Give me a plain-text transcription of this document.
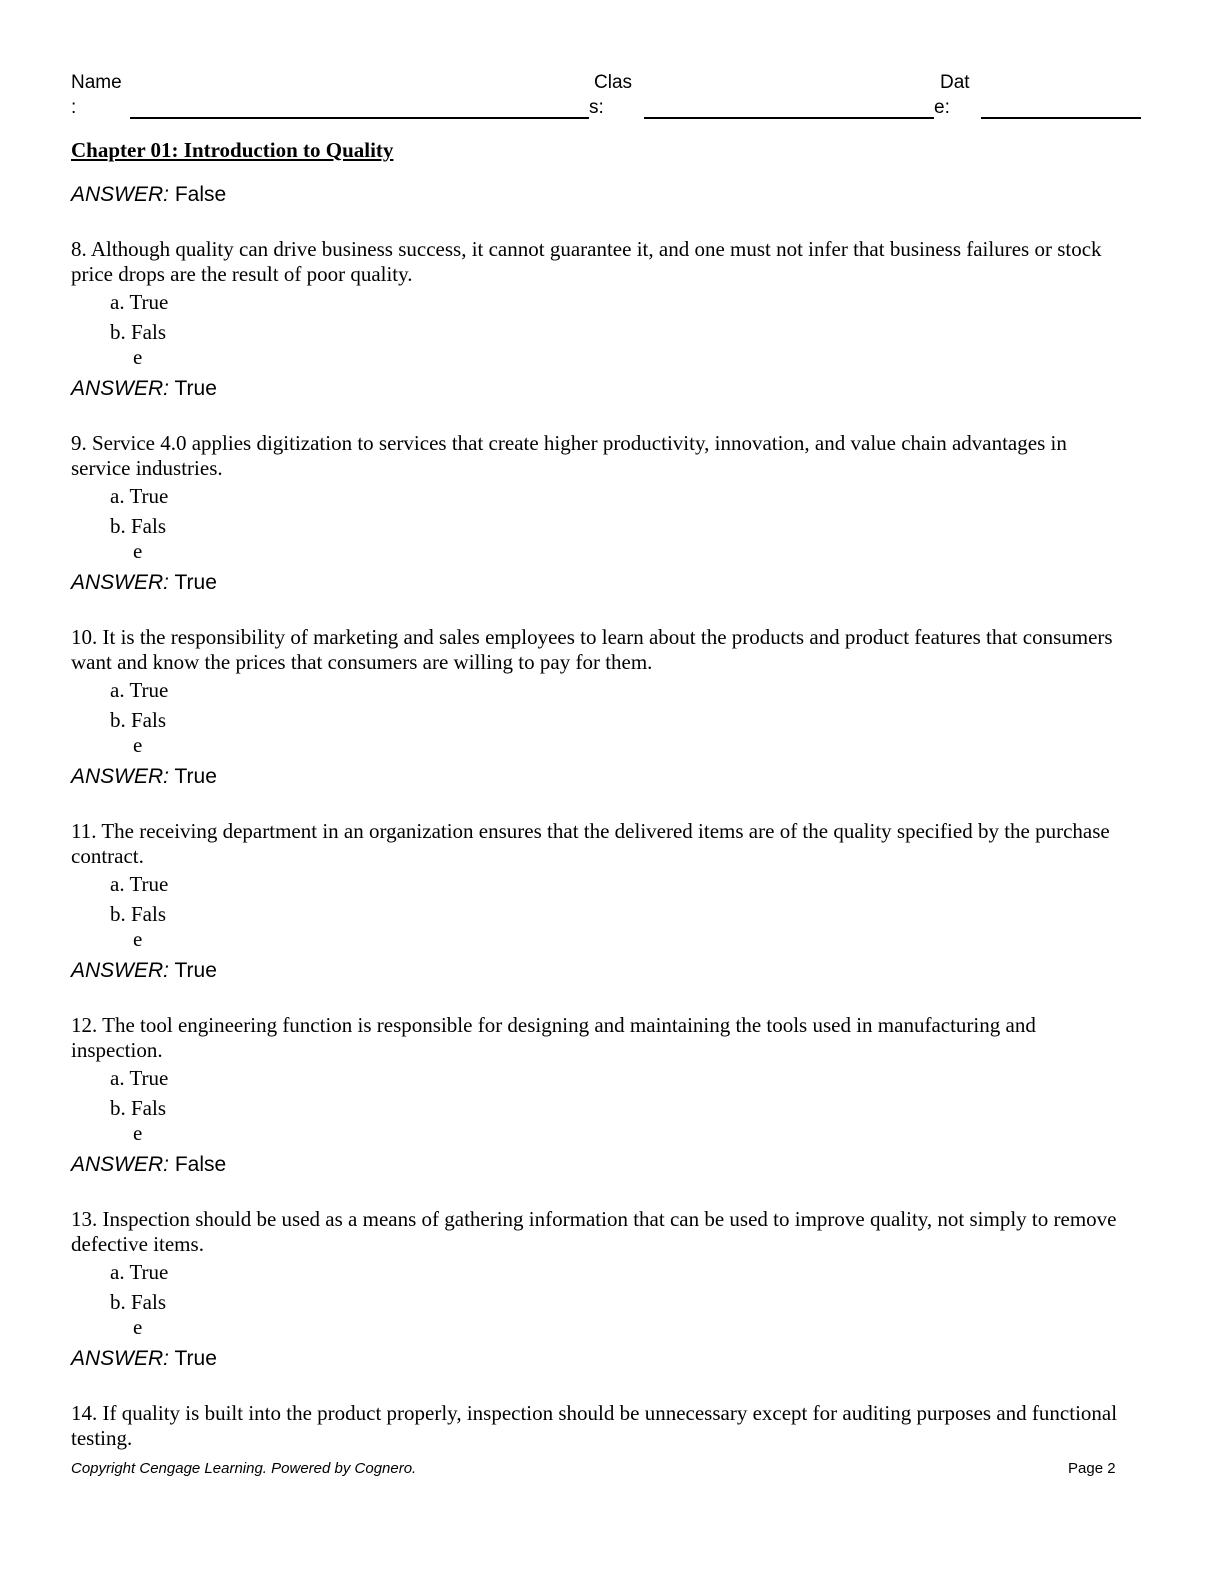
Name
:
Clas
s:
Dat
e:
Chapter 01: Introduction to Quality
ANSWER: False
8. Although quality can drive business success, it cannot guarantee it, and one must not infer that business failures or stock price drops are the result of poor quality.
a. True
b. Fals
e
ANSWER: True
9. Service 4.0 applies digitization to services that create higher productivity, innovation, and value chain advantages in service industries.
a. True
b. Fals
e
ANSWER: True
10. It is the responsibility of marketing and sales employees to learn about the products and product features that consumers want and know the prices that consumers are willing to pay for them.
a. True
b. Fals
e
ANSWER: True
11. The receiving department in an organization ensures that the delivered items are of the quality specified by the purchase contract.
a. True
b. Fals
e
ANSWER: True
12. The tool engineering function is responsible for designing and maintaining the tools used in manufacturing and inspection.
a. True
b. Fals
e
ANSWER: False
13. Inspection should be used as a means of gathering information that can be used to improve quality, not simply to remove defective items.
a. True
b. Fals
e
ANSWER: True
14. If quality is built into the product properly, inspection should be unnecessary except for auditing purposes and functional testing.
Copyright Cengage Learning. Powered by Cognero.	Page 2
